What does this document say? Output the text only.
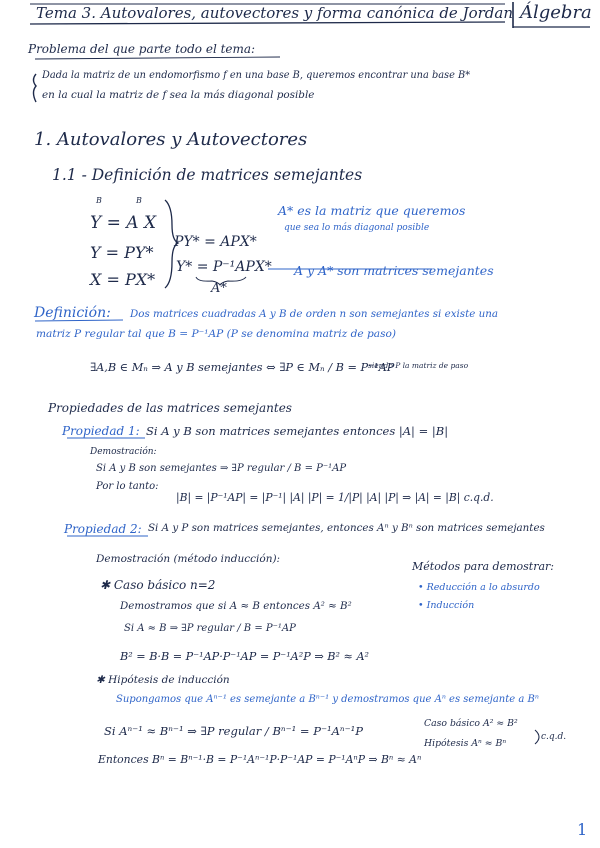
Tema 3. Autovalores, autovectores y forma canónica de Jordan Álgebra
Problema del que parte todo el tema:
Dada la matriz de un endomorfismo f en una base B, queremos encontrar una base B*
en la cual la matriz de f sea la más diagonal posible
1. Autovalores y Autovectores
1.1 - Definición de matrices semejantes
B	B
Y = A X
Y = PY*
X = PX*
PY* = APX*
Y* = P⁻¹APX*
A*
A* es la matriz que queremos
que sea lo más diagonal posible
A y A* son matrices semejantes
Definición: Dos matrices cuadradas A y B de orden n son semejantes si existe una
matriz P regular tal que B = P⁻¹AP (P se denomina matriz de paso)
∃A,B ∈ Mₙ ⇒ A y B semejantes ⇔ ∃P ∈ Mₙ / B = P⁻¹AP
siendo P la matriz de paso
Propiedades de las matrices semejantes
Propiedad 1: Si A y B son matrices semejantes entonces |A| = |B|
Demostración:
Si A y B son semejantes ⇒ ∃P regular / B = P⁻¹AP
Por lo tanto:
|B| = |P⁻¹AP| = |P⁻¹| |A| |P| = 1/|P| |A| |P| ⇒ |A| = |B| c.q.d.
Propiedad 2: Si A y P son matrices semejantes, entonces Aⁿ y Bⁿ son matrices semejantes
Demostración (método inducción):
Métodos para demostrar:
• Reducción a lo absurdo
• Inducción
✱ Caso básico n=2
Demostramos que si A ≈ B entonces A² ≈ B²
Si A ≈ B ⇒ ∃P regular / B = P⁻¹AP
B² = B·B = P⁻¹AP·P⁻¹AP = P⁻¹A²P ⇒ B² ≈ A²
✱ Hipótesis de inducción
Supongamos que Aⁿ⁻¹ es semejante a Bⁿ⁻¹ y demostramos que Aⁿ es semejante a Bⁿ
Si Aⁿ⁻¹ ≈ Bⁿ⁻¹ ⇒ ∃P regular / Bⁿ⁻¹ = P⁻¹Aⁿ⁻¹P
Entonces Bⁿ = Bⁿ⁻¹·B = P⁻¹Aⁿ⁻¹P·P⁻¹AP = P⁻¹AⁿP ⇒ Bⁿ ≈ Aⁿ
Caso básico A² ≈ B²
Hipótesis Aⁿ ≈ Bⁿ
c.q.d.
1
